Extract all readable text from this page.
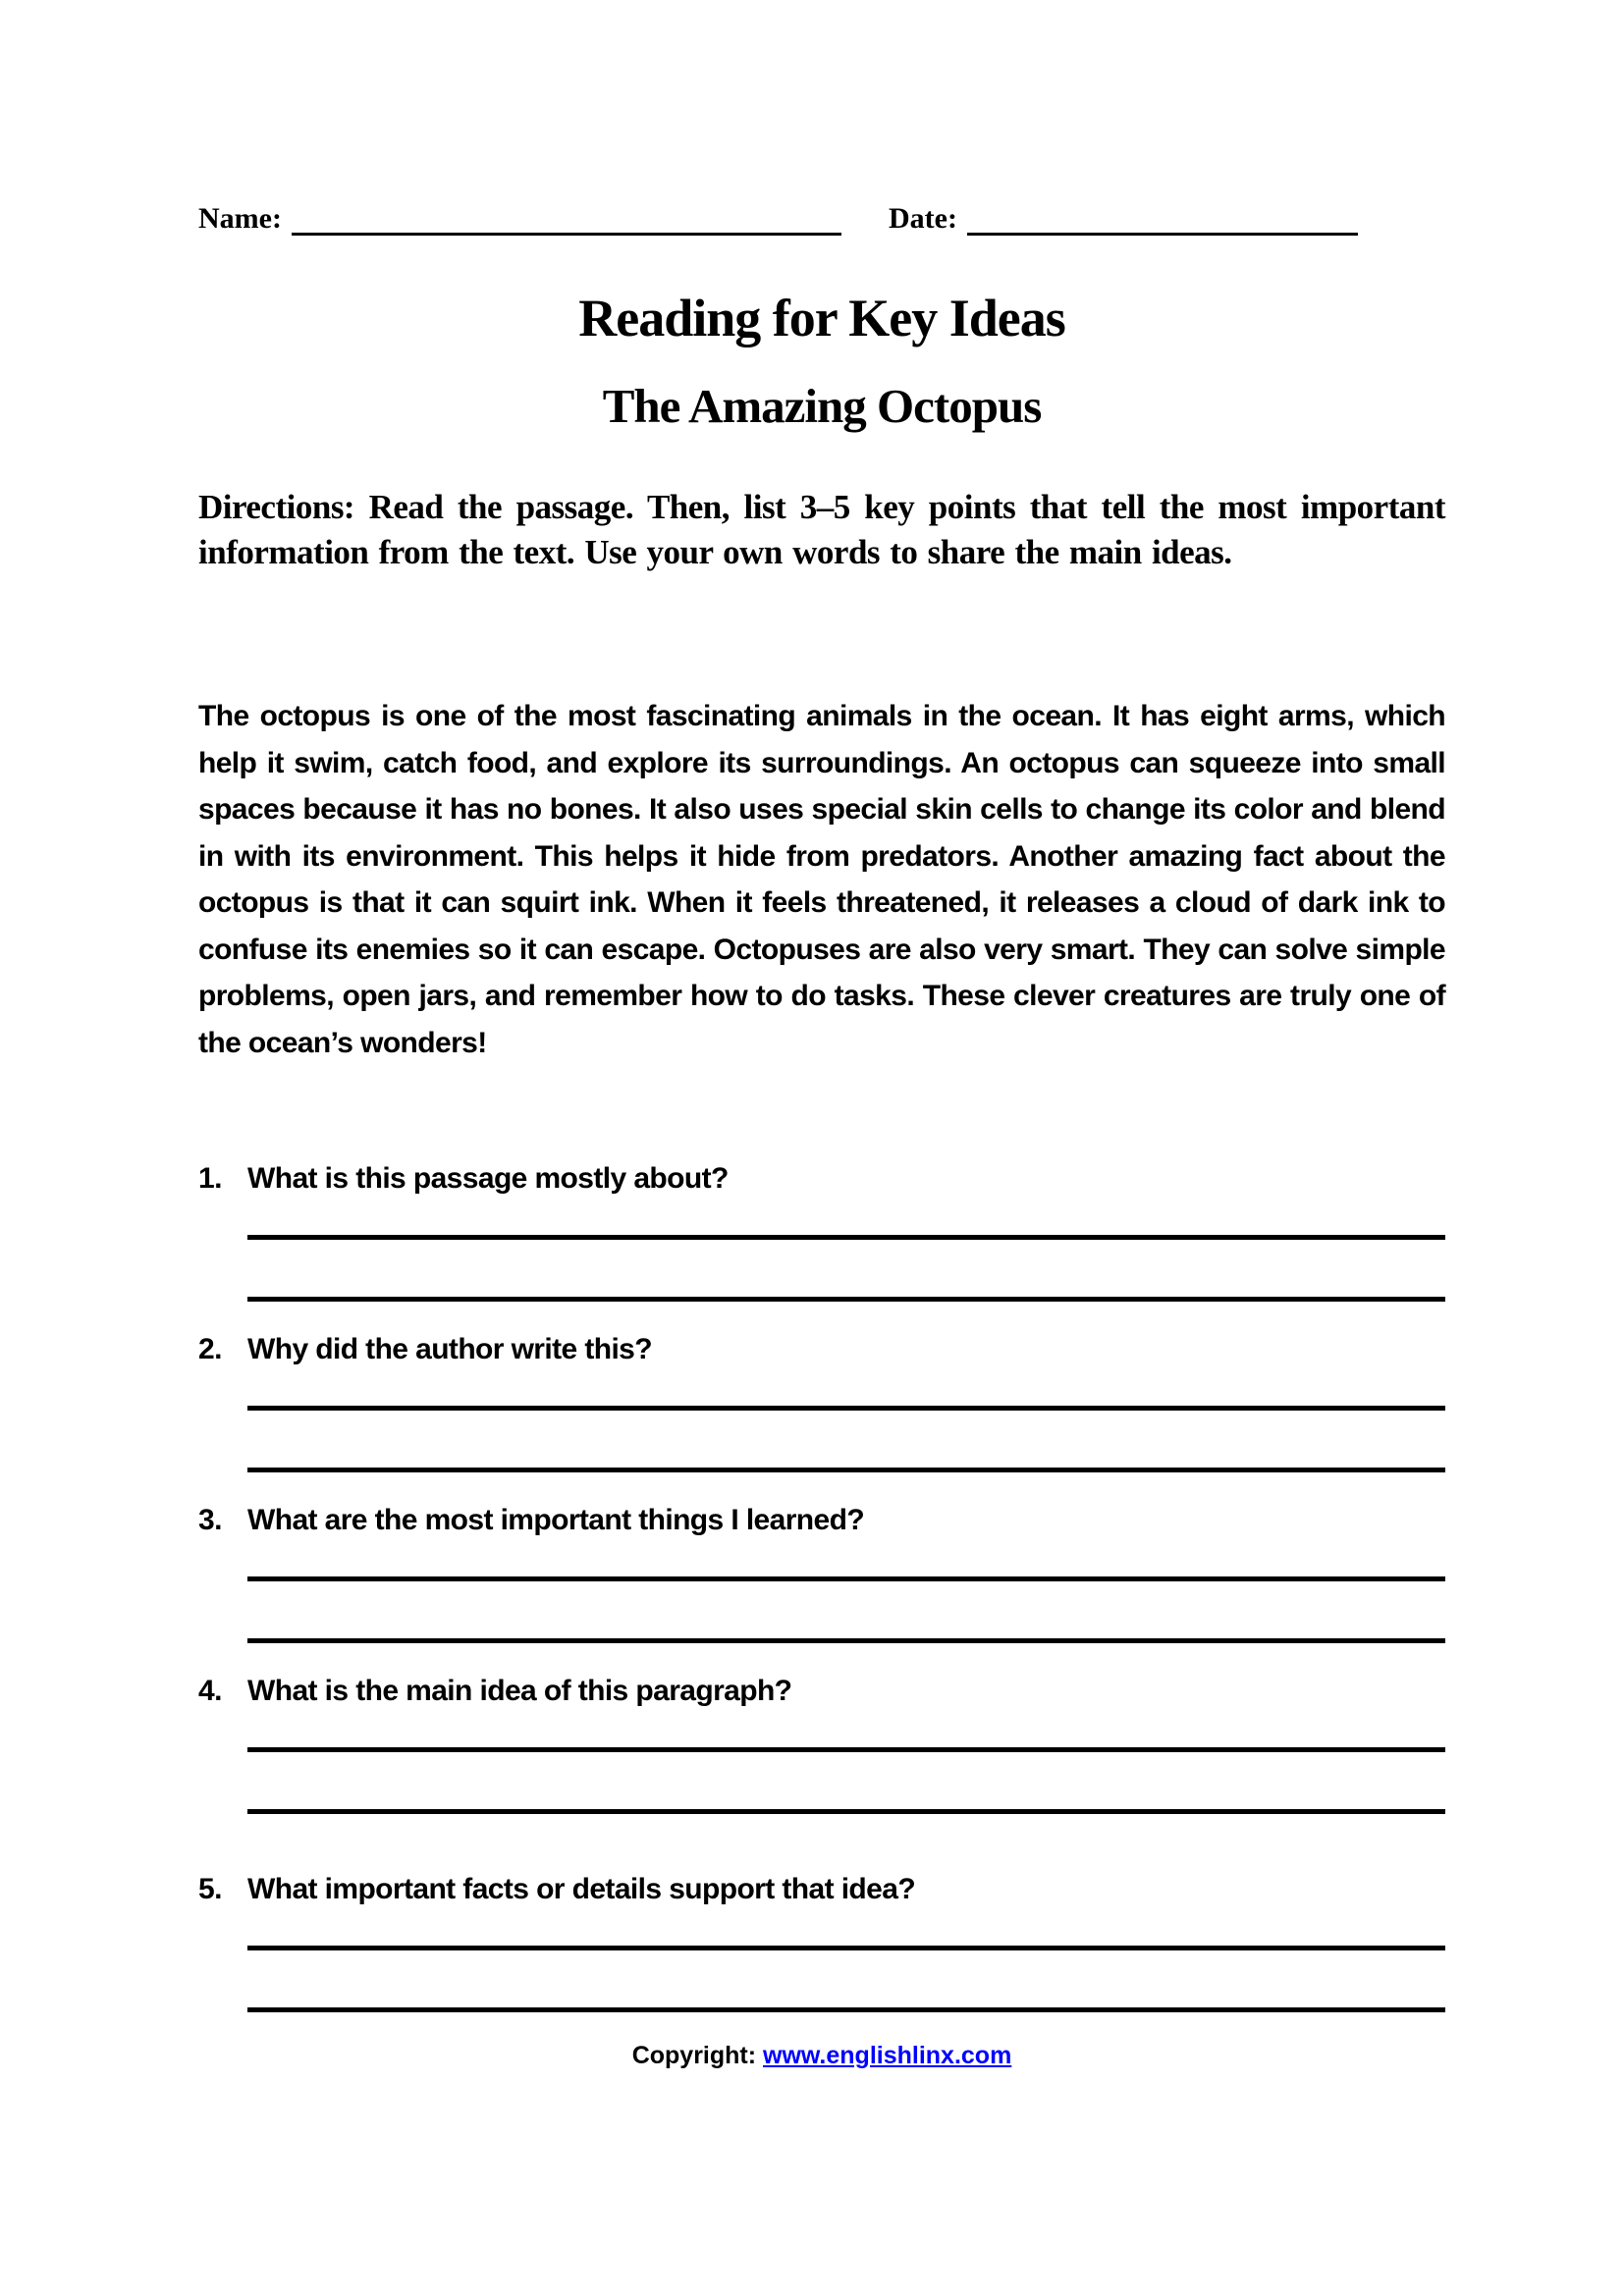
Name:	Date:
Reading for Key Ideas
The Amazing Octopus
Directions: Read the passage. Then, list 3–5 key points that tell the most important information from the text. Use your own words to share the main ideas.
The octopus is one of the most fascinating animals in the ocean. It has eight arms, which help it swim, catch food, and explore its surroundings. An octopus can squeeze into small spaces because it has no bones. It also uses special skin cells to change its color and blend in with its environment. This helps it hide from predators. Another amazing fact about the octopus is that it can squirt ink. When it feels threatened, it releases a cloud of dark ink to confuse its enemies so it can escape. Octopuses are also very smart. They can solve simple problems, open jars, and remember how to do tasks. These clever creatures are truly one of the ocean’s wonders!
1. What is this passage mostly about?
2. Why did the author write this?
3. What are the most important things I learned?
4. What is the main idea of this paragraph?
5. What important facts or details support that idea?
Copyright: www.englishlinx.com
